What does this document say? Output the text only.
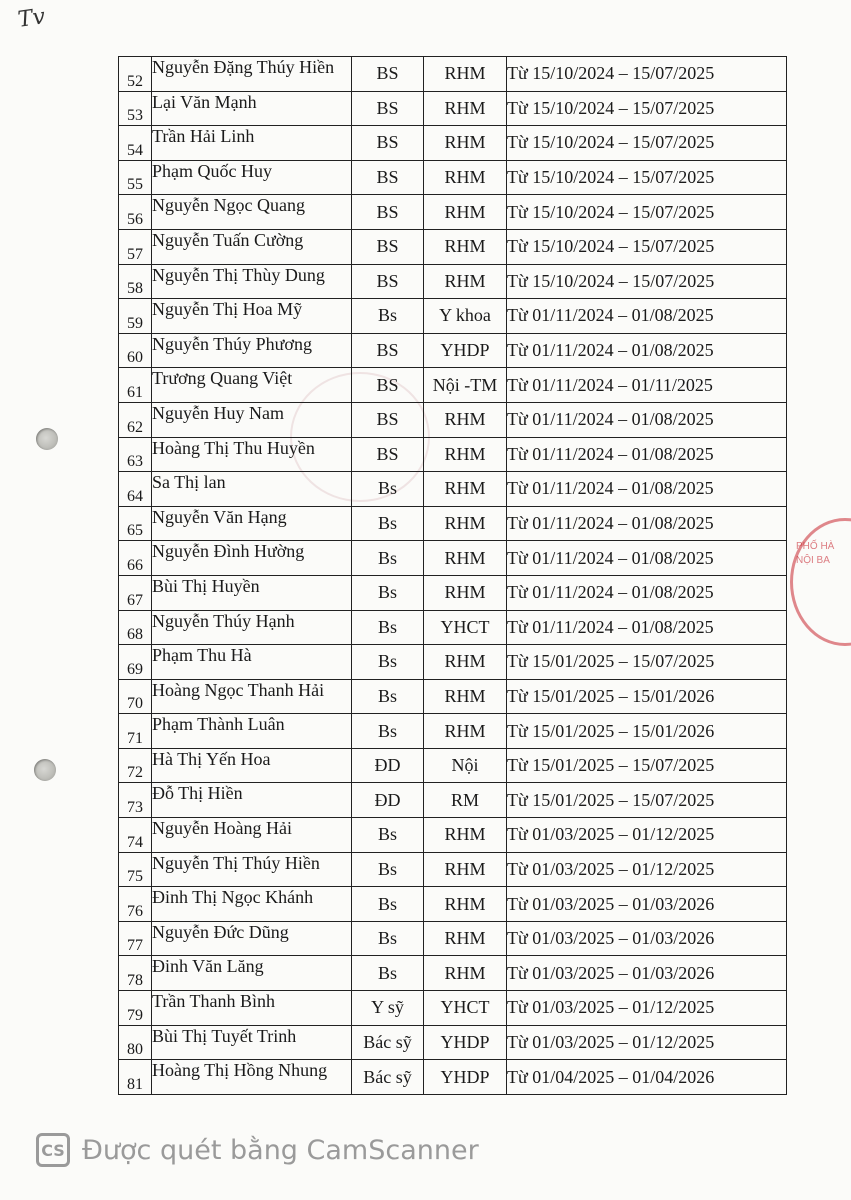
Tv
52	Nguyễn Đặng Thúy Hiền	BS	RHM	Từ 15/10/2024 – 15/07/2025
53	Lại Văn Mạnh	BS	RHM	Từ 15/10/2024 – 15/07/2025
54	Trần Hải Linh	BS	RHM	Từ 15/10/2024 – 15/07/2025
55	Phạm Quốc Huy	BS	RHM	Từ 15/10/2024 – 15/07/2025
56	Nguyễn Ngọc Quang	BS	RHM	Từ 15/10/2024 – 15/07/2025
57	Nguyễn Tuấn Cường	BS	RHM	Từ 15/10/2024 – 15/07/2025
58	Nguyễn Thị Thùy Dung	BS	RHM	Từ 15/10/2024 – 15/07/2025
59	Nguyễn Thị Hoa Mỹ	Bs	Y khoa	Từ 01/11/2024 – 01/08/2025
60	Nguyễn Thúy Phương	BS	YHDP	Từ 01/11/2024 – 01/08/2025
61	Trương Quang Việt	BS	Nội -TM	Từ 01/11/2024 – 01/11/2025
62	Nguyễn Huy Nam	BS	RHM	Từ 01/11/2024 – 01/08/2025
63	Hoàng Thị Thu Huyền	BS	RHM	Từ 01/11/2024 – 01/08/2025
64	Sa Thị lan	Bs	RHM	Từ 01/11/2024 – 01/08/2025
65	Nguyễn Văn Hạng	Bs	RHM	Từ 01/11/2024 – 01/08/2025
66	Nguyễn Đình Hường	Bs	RHM	Từ 01/11/2024 – 01/08/2025
67	Bùi Thị Huyền	Bs	RHM	Từ 01/11/2024 – 01/08/2025
68	Nguyễn Thúy Hạnh	Bs	YHCT	Từ 01/11/2024 – 01/08/2025
69	Phạm Thu Hà	Bs	RHM	Từ 15/01/2025 – 15/07/2025
70	Hoàng Ngọc Thanh Hải	Bs	RHM	Từ 15/01/2025 – 15/01/2026
71	Phạm Thành Luân	Bs	RHM	Từ 15/01/2025 – 15/01/2026
72	Hà Thị Yến Hoa	ĐD	Nội	Từ 15/01/2025 – 15/07/2025
73	Đỗ Thị Hiền	ĐD	RM	Từ 15/01/2025 – 15/07/2025
74	Nguyễn Hoàng Hải	Bs	RHM	Từ 01/03/2025 – 01/12/2025
75	Nguyễn Thị Thúy Hiền	Bs	RHM	Từ 01/03/2025 – 01/12/2025
76	Đinh Thị Ngọc Khánh	Bs	RHM	Từ 01/03/2025 – 01/03/2026
77	Nguyễn Đức Dũng	Bs	RHM	Từ 01/03/2025 – 01/03/2026
78	Đinh Văn Lăng	Bs	RHM	Từ 01/03/2025 – 01/03/2026
79	Trần Thanh Bình	Y sỹ	YHCT	Từ 01/03/2025 – 01/12/2025
80	Bùi Thị Tuyết Trinh	Bác sỹ	YHDP	Từ 01/03/2025 – 01/12/2025
81	Hoàng Thị Hồng Nhung	Bác sỹ	YHDP	Từ 01/04/2025 – 01/04/2026
PHỐ HÀ NỘI BA
CS Được quét bằng CamScanner
